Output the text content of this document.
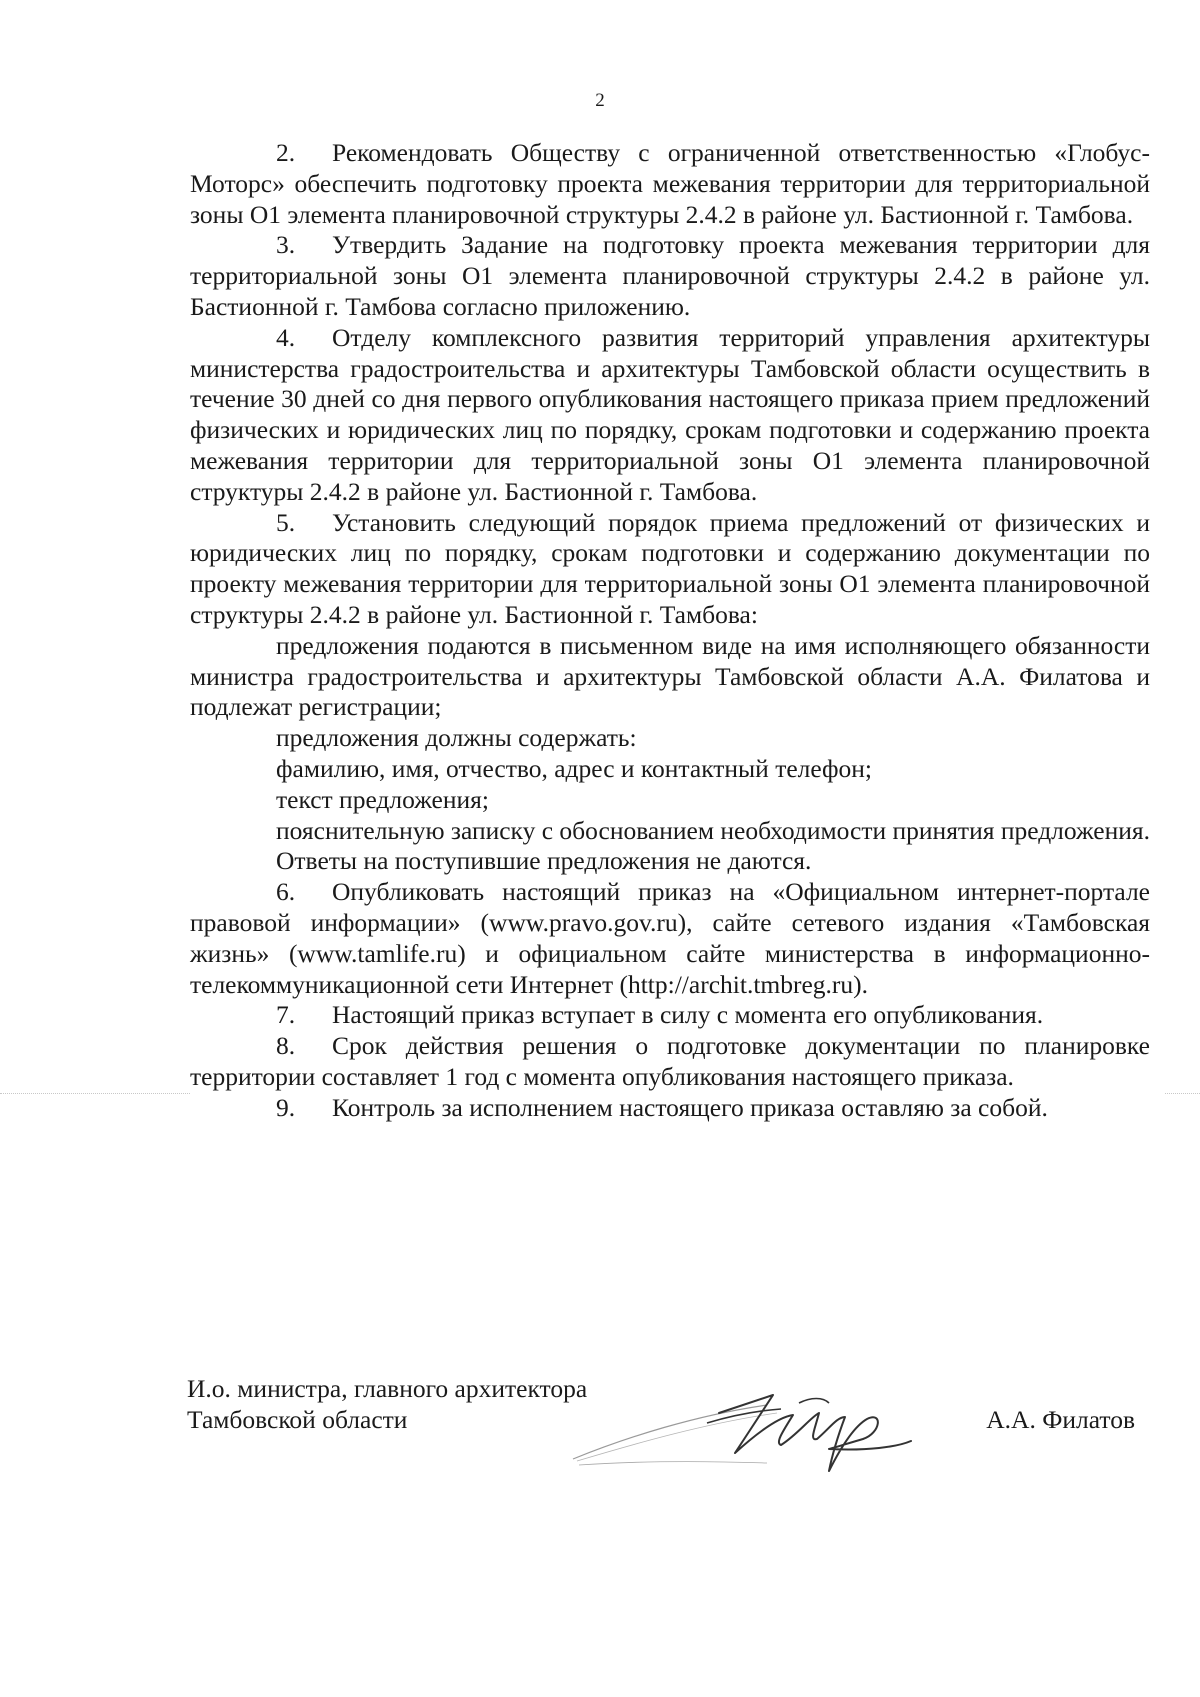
2

2. Рекомендовать Обществу с ограниченной ответственностью «Глобус-Моторс» обеспечить подготовку проекта межевания территории для территориальной зоны О1 элемента планировочной структуры 2.4.2 в районе ул. Бастионной г. Тамбова.

3. Утвердить Задание на подготовку проекта межевания территории для территориальной зоны О1 элемента планировочной структуры 2.4.2 в районе ул. Бастионной г. Тамбова согласно приложению.

4. Отделу комплексного развития территорий управления архитектуры министерства градостроительства и архитектуры Тамбовской области осуществить в течение 30 дней со дня первого опубликования настоящего приказа прием предложений физических и юридических лиц по порядку, срокам подготовки и содержанию проекта межевания территории для территориальной зоны О1 элемента планировочной структуры 2.4.2 в районе ул. Бастионной г. Тамбова.

5. Установить следующий порядок приема предложений от физических и юридических лиц по порядку, срокам подготовки и содержанию документации по проекту межевания территории для территориальной зоны О1 элемента планировочной структуры 2.4.2 в районе ул. Бастионной г. Тамбова:

предложения подаются в письменном виде на имя исполняющего обязанности министра градостроительства и архитектуры Тамбовской области А.А. Филатова и подлежат регистрации;

предложения должны содержать:

фамилию, имя, отчество, адрес и контактный телефон;

текст предложения;

пояснительную записку с обоснованием необходимости принятия предложения.

Ответы на поступившие предложения не даются.

6. Опубликовать настоящий приказ на «Официальном интернет-портале правовой информации» (www.pravo.gov.ru), сайте сетевого издания «Тамбовская жизнь» (www.tamlife.ru) и официальном сайте министерства в информационно-телекоммуникационной сети Интернет (http://archit.tmbreg.ru).

7. Настоящий приказ вступает в силу с момента его опубликования.

8. Срок действия решения о подготовке документации по планировке территории составляет 1 год с момента опубликования настоящего приказа.

9. Контроль за исполнением настоящего приказа оставляю за собой.

И.о. министра, главного архитектора
Тамбовской области	А.А. Филатов
